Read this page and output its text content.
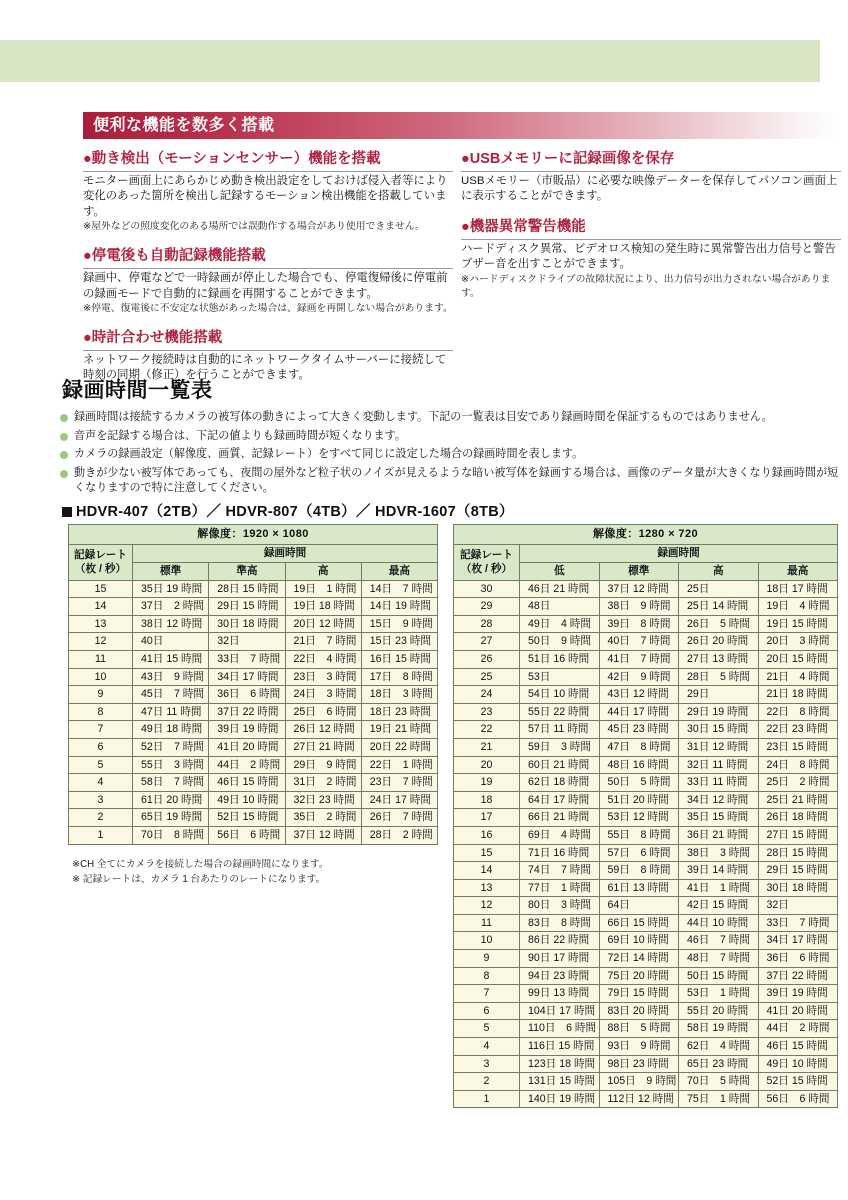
便利な機能を数多く搭載
●動き検出（モーションセンサー）機能を搭載

モニター画面上にあらかじめ動き検出設定をしておけば侵入者等により変化のあった箇所を検出し記録するモーション検出機能を搭載しています。

※屋外などの照度変化のある場所では誤動作する場合があり使用できません。

●停電後も自動記録機能搭載

録画中、停電などで一時録画が停止した場合でも、停電復帰後に停電前の録画モードで自動的に録画を再開することができます。

※停電、復電後に不安定な状態があった場合は、録画を再開しない場合があります。

●時計合わせ機能搭載

ネットワーク接続時は自動的にネットワークタイムサーバーに接続して時刻の同期（修正）を行うことができます。

●USBメモリーに記録画像を保存

USBメモリー（市販品）に必要な映像データーを保存してパソコン画面上に表示することができます。

●機器異常警告機能

ハードディスク異常、ビデオロス検知の発生時に異常警告出力信号と警告ブザー音を出すことができます。

※ハードディスクドライブの故障状況により、出力信号が出力されない場合があります。

録画時間一覧表
録画時間は接続するカメラの被写体の動きによって大きく変動します。下記の一覧表は目安であり録画時間を保証するものではありません。
音声を記録する場合は、下記の値よりも録画時間が短くなります。
カメラの録画設定（解像度、画質、記録レート）をすべて同じに設定した場合の録画時間を表します。
動きが少ない被写体であっても、夜間の屋外など粒子状のノイズが見えるような暗い被写体を録画する場合は、画像のデータ量が大きくなり録画時間が短くなりますので特に注意してください。
HDVR-407（2TB）／ HDVR-807（4TB）／ HDVR-1607（8TB）
解像度：1920 × 1080				

記録レート
（枚 / 秒）	録画時間			
	標準	準高	高	最高
15	35日 19 時間	28日 15 時間	19日　1 時間	14日　7 時間
14	37日　2 時間	29日 15 時間	19日 18 時間	14日 19 時間
13	38日 12 時間	30日 18 時間	20日 12 時間	15日　9 時間
12	40日	32日	21日　7 時間	15日 23 時間
11	41日 15 時間	33日　7 時間	22日　4 時間	16日 15 時間
10	43日　9 時間	34日 17 時間	23日　3 時間	17日　8 時間
9	45日　7 時間	36日　6 時間	24日　3 時間	18日　3 時間
8	47日 11 時間	37日 22 時間	25日　6 時間	18日 23 時間
7	49日 18 時間	39日 19 時間	26日 12 時間	19日 21 時間
6	52日　7 時間	41日 20 時間	27日 21 時間	20日 22 時間
5	55日　3 時間	44日　2 時間	29日　9 時間	22日　1 時間
4	58日　7 時間	46日 15 時間	31日　2 時間	23日　7 時間
3	61日 20 時間	49日 10 時間	32日 23 時間	24日 17 時間
2	65日 19 時間	52日 15 時間	35日　2 時間	26日　7 時間
1	70日　8 時間	56日　6 時間	37日 12 時間	28日　2 時間
※CH 全てにカメラを接続した場合の録画時間になります。
※ 記録レートは、カメラ 1 台あたりのレートになります。
解像度：1280 × 720				

記録レート
（枚 / 秒）	録画時間			
	低	標準	高	最高
30	46日 21 時間	37日 12 時間	25日	18日 17 時間
29	48日	38日　9 時間	25日 14 時間	19日　4 時間
28	49日　4 時間	39日　8 時間	26日　5 時間	19日 15 時間
27	50日　9 時間	40日　7 時間	26日 20 時間	20日　3 時間
26	51日 16 時間	41日　7 時間	27日 13 時間	20日 15 時間
25	53日	42日　9 時間	28日　5 時間	21日　4 時間
24	54日 10 時間	43日 12 時間	29日	21日 18 時間
23	55日 22 時間	44日 17 時間	29日 19 時間	22日　8 時間
22	57日 11 時間	45日 23 時間	30日 15 時間	22日 23 時間
21	59日　3 時間	47日　8 時間	31日 12 時間	23日 15 時間
20	60日 21 時間	48日 16 時間	32日 11 時間	24日　8 時間
19	62日 18 時間	50日　5 時間	33日 11 時間	25日　2 時間
18	64日 17 時間	51日 20 時間	34日 12 時間	25日 21 時間
17	66日 21 時間	53日 12 時間	35日 15 時間	26日 18 時間
16	69日　4 時間	55日　8 時間	36日 21 時間	27日 15 時間
15	71日 16 時間	57日　6 時間	38日　3 時間	28日 15 時間
14	74日　7 時間	59日　8 時間	39日 14 時間	29日 15 時間
13	77日　1 時間	61日 13 時間	41日　1 時間	30日 18 時間
12	80日　3 時間	64日	42日 15 時間	32日
11	83日　8 時間	66日 15 時間	44日 10 時間	33日　7 時間
10	86日 22 時間	69日 10 時間	46日　7 時間	34日 17 時間
9	90日 17 時間	72日 14 時間	48日　7 時間	36日　6 時間
8	94日 23 時間	75日 20 時間	50日 15 時間	37日 22 時間
7	99日 13 時間	79日 15 時間	53日　1 時間	39日 19 時間
6	104日 17 時間	83日 20 時間	55日 20 時間	41日 20 時間
5	110日　6 時間	88日　5 時間	58日 19 時間	44日　2 時間
4	116日 15 時間	93日　9 時間	62日　4 時間	46日 15 時間
3	123日 18 時間	98日 23 時間	65日 23 時間	49日 10 時間
2	131日 15 時間	105日　9 時間	70日　5 時間	52日 15 時間
1	140日 19 時間	112日 12 時間	75日　1 時間	56日　6 時間
